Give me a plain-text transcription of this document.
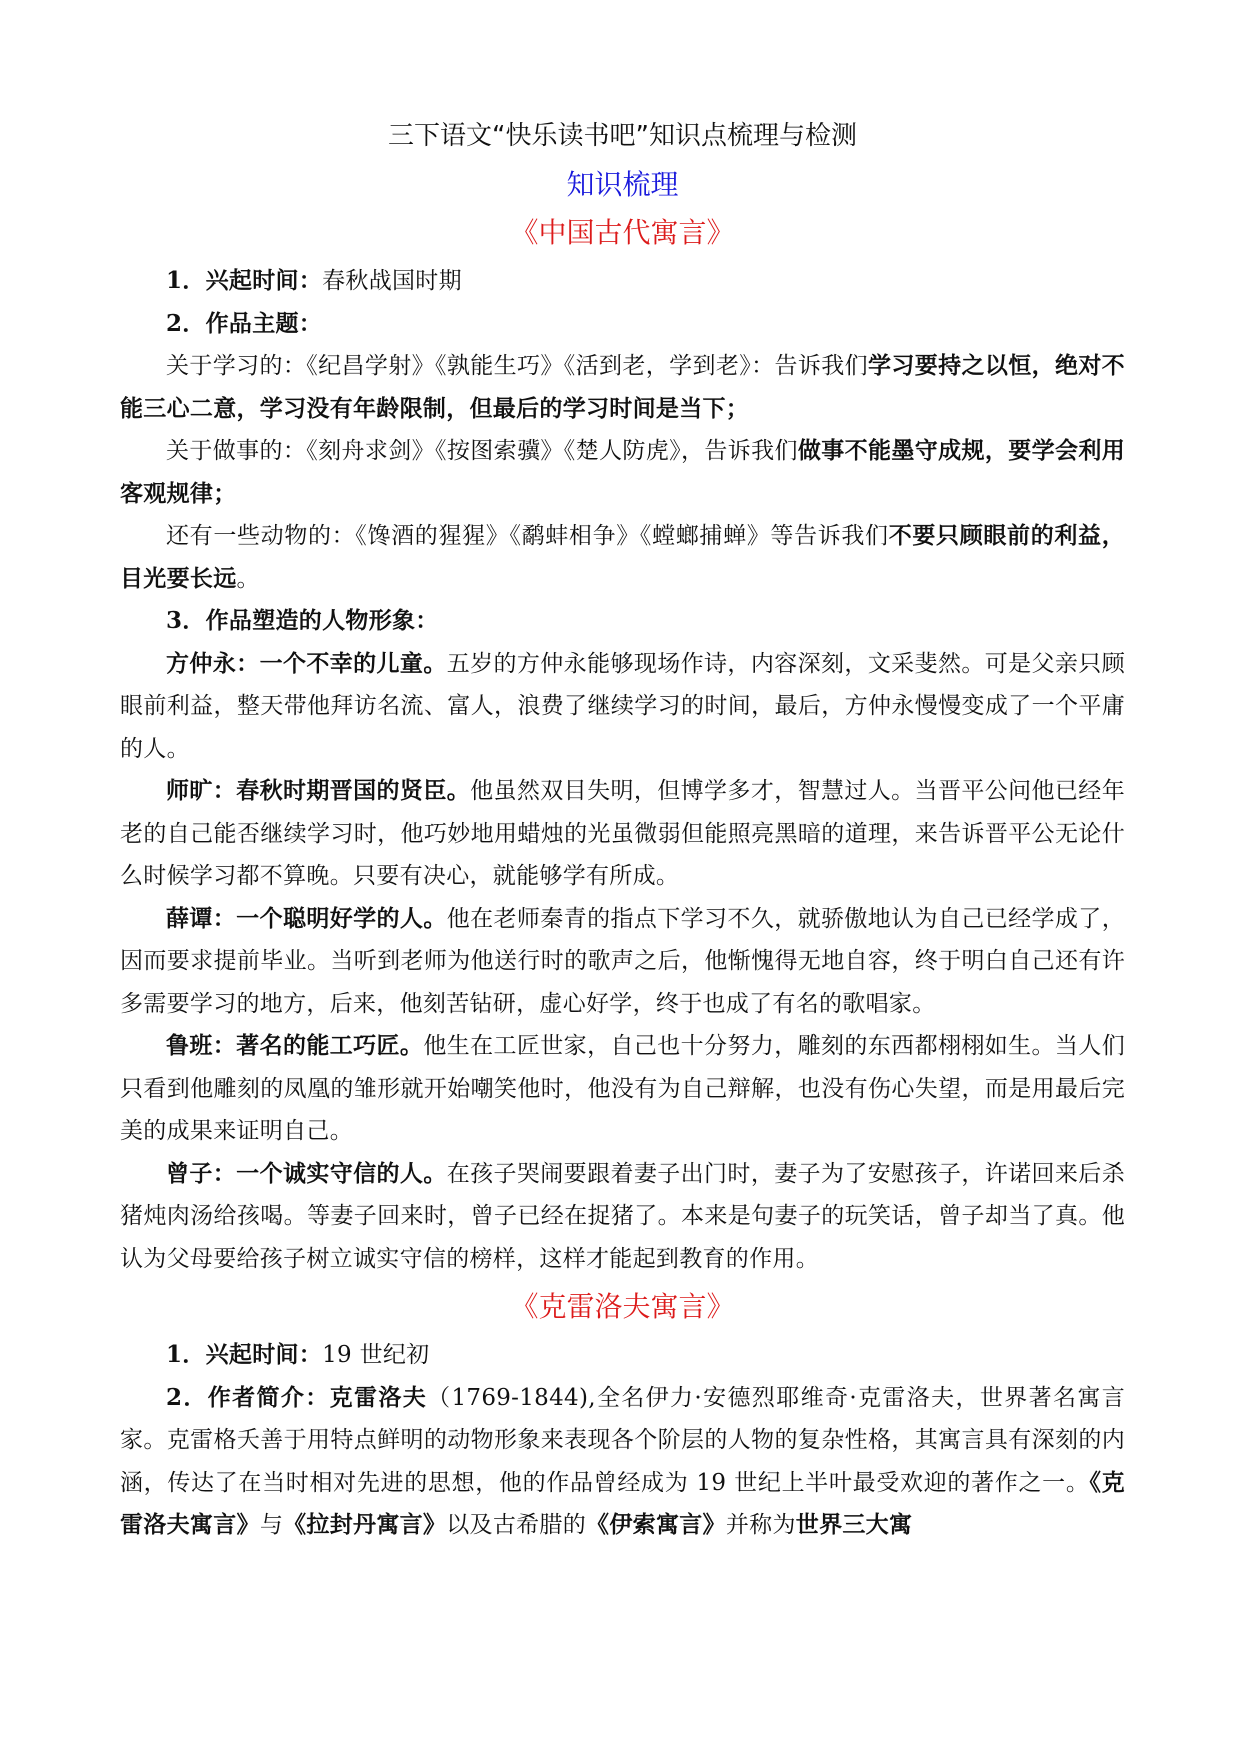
三下语文“快乐读书吧”知识点梳理与检测
知识梳理
《中国古代寓言》

1．兴起时间：春秋战国时期

2．作品主题：

关于学习的：《纪昌学射》《孰能生巧》《活到老，学到老》：告诉我们学习要持之以恒，绝对不能三心二意，学习没有年龄限制，但最后的学习时间是当下；

关于做事的：《刻舟求剑》《按图索骥》《楚人防虎》，告诉我们做事不能墨守成规，要学会利用客观规律；

还有一些动物的：《馋酒的猩猩》《鹬蚌相争》《螳螂捕蝉》等告诉我们不要只顾眼前的利益，目光要长远。

3．作品塑造的人物形象：

方仲永：一个不幸的儿童。五岁的方仲永能够现场作诗，内容深刻，文采斐然。可是父亲只顾眼前利益，整天带他拜访名流、富人，浪费了继续学习的时间，最后，方仲永慢慢变成了一个平庸的人。

师旷：春秋时期晋国的贤臣。他虽然双目失明，但博学多才，智慧过人。当晋平公问他已经年老的自己能否继续学习时，他巧妙地用蜡烛的光虽微弱但能照亮黑暗的道理，来告诉晋平公无论什么时候学习都不算晚。只要有决心，就能够学有所成。

薛谭：一个聪明好学的人。他在老师秦青的指点下学习不久，就骄傲地认为自己已经学成了，因而要求提前毕业。当听到老师为他送行时的歌声之后，他惭愧得无地自容，终于明白自己还有许多需要学习的地方，后来，他刻苦钻研，虚心好学，终于也成了有名的歌唱家。

鲁班：著名的能工巧匠。他生在工匠世家，自己也十分努力，雕刻的东西都栩栩如生。当人们只看到他雕刻的凤凰的雏形就开始嘲笑他时，他没有为自己辩解，也没有伤心失望，而是用最后完美的成果来证明自己。

曾子：一个诚实守信的人。在孩子哭闹要跟着妻子出门时，妻子为了安慰孩子，许诺回来后杀猪炖肉汤给孩喝。等妻子回来时，曾子已经在捉猪了。本来是句妻子的玩笑话，曾子却当了真。他认为父母要给孩子树立诚实守信的榜样，这样才能起到教育的作用。

《克雷洛夫寓言》

1．兴起时间：19 世纪初

2．作者简介：克雷洛夫（1769-1844),全名伊力·安德烈耶维奇·克雷洛夫，世界著名寓言家。克雷格夭善于用特点鲜明的动物形象来表现各个阶层的人物的复杂性格，其寓言具有深刻的内涵，传达了在当时相对先进的思想，他的作品曾经成为 19 世纪上半叶最受欢迎的著作之一。《克雷洛夫寓言》与《拉封丹寓言》以及古希腊的《伊索寓言》并称为世界三大寓
